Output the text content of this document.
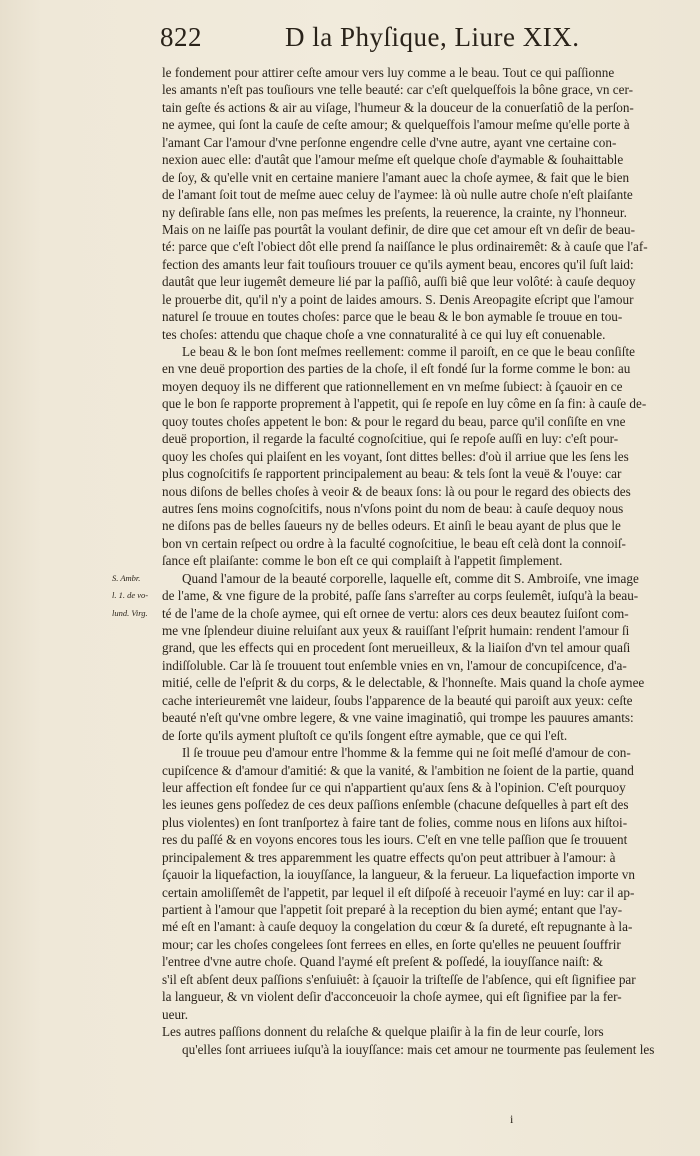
822	D la Phyſique, Liure XIX.
S. Ambr.
l. 1. de vo-
lund. Virg.
le fondement pour attirer ceſte amour vers luy comme a le beau. Tout ce qui paſſionne
les amants n'eſt pas touſiours vne telle beauté: car c'eſt quelqueſfois la bône grace, vn cer-
tain geſte és actions & air au viſage, l'humeur & la douceur de la conuerſatiô de la perſon-
ne aymee, qui ſont la cauſe de ceſte amour; & quelqueſfois l'amour meſme qu'elle porte à
l'amant Car l'amour d'vne perſonne engendre celle d'vne autre, ayant vne certaine con-
nexion auec elle: d'autât que l'amour meſme eſt quelque choſe d'aymable & ſouhaittable
de ſoy, & qu'elle vnit en certaine maniere l'amant auec la choſe aymee, & fait que le bien
de l'amant ſoit tout de meſme auec celuy de l'aymee: là où nulle autre choſe n'eſt plaiſante
ny deſirable ſans elle, non pas meſmes les preſents, la reuerence, la crainte, ny l'honneur.
Mais on ne laiſſe pas pourtât la voulant definir, de dire que cet amour eſt vn deſir de beau-
té: parce que c'eſt l'obiect dôt elle prend ſa naiſſance le plus ordinairemêt: & à cauſe que l'af-
fection des amants leur fait touſiours trouuer ce qu'ils ayment beau, encores qu'il ſuſt laid:
dautât que leur iugemêt demeure lié par la paſſiô, auſſi biê que leur volôté: à cauſe dequoy
le prouerbe dit, qu'il n'y a point de laides amours. S. Denis Areopagite eſcript que l'amour
naturel ſe trouue en toutes choſes: parce que le beau & le bon aymable ſe trouue en tou-
tes choſes: attendu que chaque choſe a vne connaturalité à ce qui luy eſt conuenable.
Le beau & le bon ſont meſmes reellement: comme il paroiſt, en ce que le beau conſiſte
en vne deuë proportion des parties de la choſe, il eſt fondé ſur la forme comme le bon: au
moyen dequoy ils ne different que rationnellement en vn meſme ſubiect: à ſçauoir en ce
que le bon ſe rapporte proprement à l'appetit, qui ſe repoſe en luy côme en ſa fin: à cauſe de-
quoy toutes choſes appetent le bon: & pour le regard du beau, parce qu'il conſiſte en vne
deuë proportion, il regarde la faculté cognoſcitiue, qui ſe repoſe auſſi en luy: c'eſt pour-
quoy les choſes qui plaiſent en les voyant, ſont dittes belles: d'où il arriue que les ſens les
plus cognoſcitifs ſe rapportent principalement au beau: & tels ſont la veuë & l'ouye: car
nous diſons de belles choſes à veoir & de beaux ſons: là ou pour le regard des obiects des
autres ſens moins cognoſcitifs, nous n'vſons point du nom de beau: à cauſe dequoy nous
ne diſons pas de belles ſaueurs ny de belles odeurs. Et ainſi le beau ayant de plus que le
bon vn certain reſpect ou ordre à la faculté cognoſcitiue, le beau eſt celà dont la connoiſ-
ſance eſt plaiſante: comme le bon eſt ce qui complaiſt à l'appetit ſimplement.
Quand l'amour de la beauté corporelle, laquelle eſt, comme dit S. Ambroiſe, vne image
de l'ame, & vne figure de la probité, paſſe ſans s'arreſter au corps ſeulemêt, iuſqu'à la beau-
té de l'ame de la choſe aymee, qui eſt ornee de vertu: alors ces deux beautez ſuiſont com-
me vne ſplendeur diuine reluiſant aux yeux & rauiſſant l'eſprit humain: rendent l'amour ſi
grand, que les effects qui en procedent ſont merueilleux, & la liaiſon d'vn tel amour quaſi
indiſſoluble. Car là ſe trouuent tout enſemble vnies en vn, l'amour de concupiſcence, d'a-
mitié, celle de l'eſprit & du corps, & le delectable, & l'honneſte. Mais quand la choſe aymee
cache interieuremêt vne laideur, ſoubs l'apparence de la beauté qui paroiſt aux yeux: ceſte
beauté n'eſt qu'vne ombre legere, & vne vaine imaginatiô, qui trompe les pauures amants:
de ſorte qu'ils ayment pluſtoſt ce qu'ils ſongent eſtre aymable, que ce qui l'eſt.
Il ſe trouue peu d'amour entre l'homme & la femme qui ne ſoit meſlé d'amour de con-
cupiſcence & d'amour d'amitié: & que la vanité, & l'ambition ne ſoient de la partie, quand
leur affection eſt fondee ſur ce qui n'appartient qu'aux ſens & à l'opinion. C'eſt pourquoy
les ieunes gens poſſedez de ces deux paſſions enſemble (chacune deſquelles à part eſt des
plus violentes) en ſont tranſportez à faire tant de folies, comme nous en liſons aux hiſtoi-
res du paſſé & en voyons encores tous les iours. C'eſt en vne telle paſſion que ſe trouuent
principalement & tres apparemment les quatre effects qu'on peut attribuer à l'amour: à
ſçauoir la liquefaction, la iouyſſance, la langueur, & la ferueur. La liquefaction importe vn
certain amoliſſemêt de l'appetit, par lequel il eſt diſpoſé à receuoir l'aymé en luy: car il ap-
partient à l'amour que l'appetit ſoit preparé à la reception du bien aymé; entant que l'ay-
mé eſt en l'amant: à cauſe dequoy la congelation du cœur & ſa dureté, eſt repugnante à la-
mour; car les choſes congelees ſont ferrees en elles, en ſorte qu'elles ne peuuent ſouffrir
l'entree d'vne autre choſe. Quand l'aymé eſt preſent & poſſedé, la iouyſſance naiſt: &
s'il eſt abſent deux paſſions s'enſuiuêt: à ſçauoir la triſteſſe de l'abſence, qui eſt ſignifiee par
la langueur, & vn violent deſir d'acconceuoir la choſe aymee, qui eſt ſignifiee par la fer-
ueur.
Les autres paſſions donnent du relaſche & quelque plaiſir à la fin de leur courſe, lors
qu'elles ſont arriuees iuſqu'à la iouyſſance: mais cet amour ne tourmente pas ſeulement les
i
